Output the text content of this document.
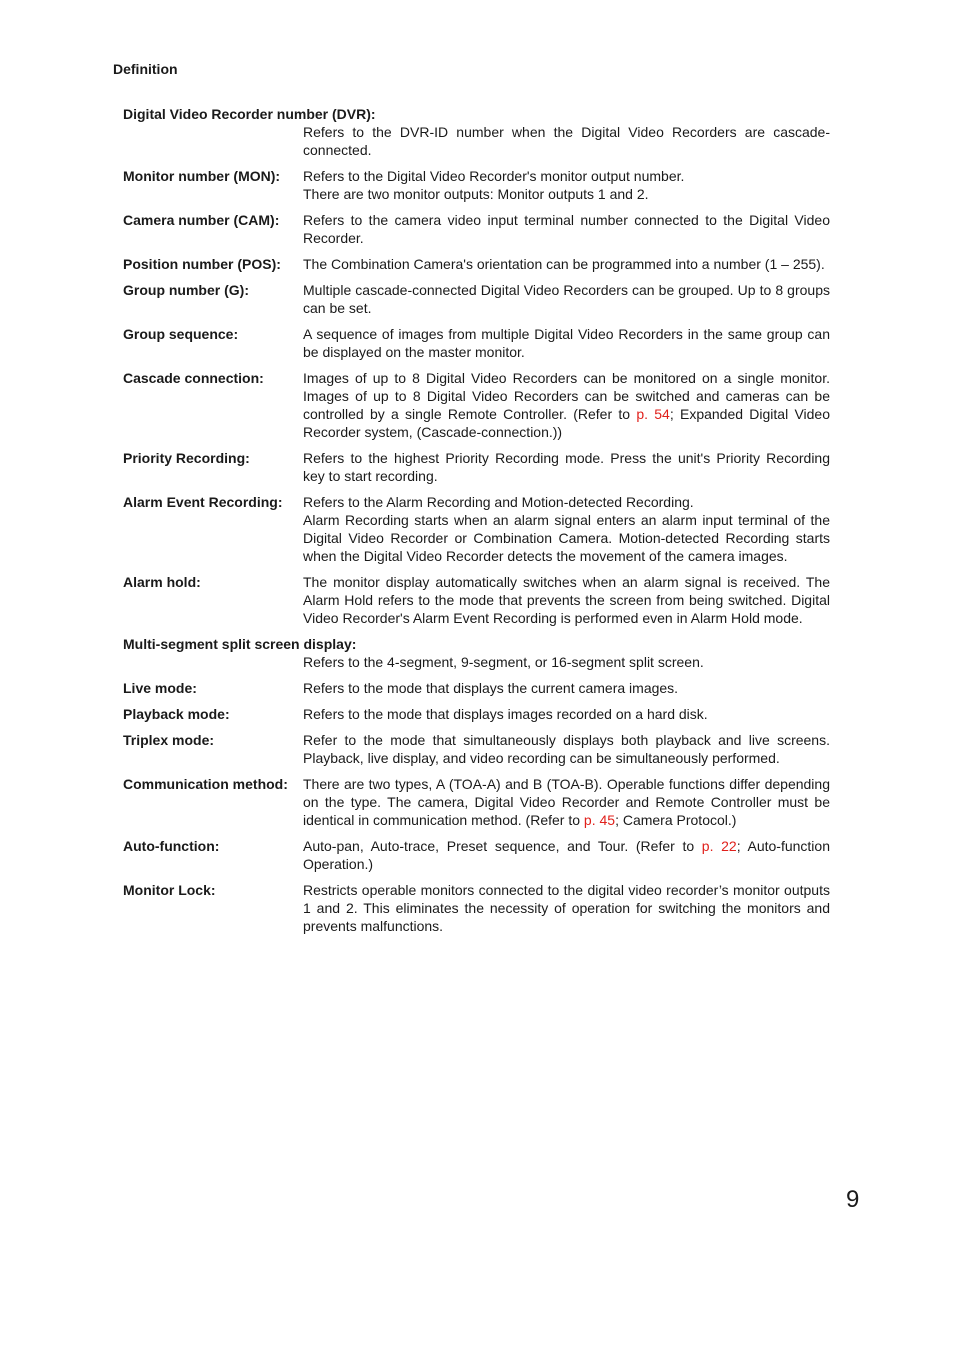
Definition
Digital Video Recorder number (DVR):

Refers to the DVR-ID number when the Digital Video Recorders are cascade-connected.

Monitor number (MON):	Refers to the Digital Video Recorder's monitor output number.

There are two monitor outputs: Monitor outputs 1 and 2.

Camera number (CAM):	Refers to the camera video input terminal number connected to the Digital Video Recorder.

Position number (POS):	The Combination Camera's orientation can be programmed into a number (1 – 255).

Group number (G):	Multiple cascade-connected Digital Video Recorders can be grouped. Up to 8 groups can be set.

Group sequence:	A sequence of images from multiple Digital Video Recorders in the same group can be displayed on the master monitor.

Cascade connection:	Images of up to 8 Digital Video Recorders can be monitored on a single monitor. Images of up to 8 Digital Video Recorders can be switched and cameras can be controlled by a single Remote Controller. (Refer to p. 54; Expanded Digital Video Recorder system, (Cascade-connection.))

Priority Recording:	Refers to the highest Priority Recording mode. Press the unit's Priority Recording key to start recording.

Alarm Event Recording:	Refers to the Alarm Recording and Motion-detected Recording.

Alarm Recording starts when an alarm signal enters an alarm input terminal of the Digital Video Recorder or Combination Camera. Motion-detected Recording starts when the Digital Video Recorder detects the movement of the camera images.

Alarm hold:	The monitor display automatically switches when an alarm signal is received. The Alarm Hold refers to the mode that prevents the screen from being switched. Digital Video Recorder's Alarm Event Recording is performed even in Alarm Hold mode.

Multi-segment split screen display:

Refers to the 4-segment, 9-segment, or 16-segment split screen.

Live mode:	Refers to the mode that displays the current camera images.

Playback mode:	Refers to the mode that displays images recorded on a hard disk.

Triplex mode:	Refer to the mode that simultaneously displays both playback and live screens. Playback, live display, and video recording can be simultaneously performed.

Communication method:	There are two types, A (TOA-A) and B (TOA-B). Operable functions differ depending on the type. The camera, Digital Video Recorder and Remote Controller must be identical in communication method. (Refer to p. 45; Camera Protocol.)

Auto-function:	Auto-pan, Auto-trace, Preset sequence, and Tour. (Refer to p. 22; Auto-function Operation.)

Monitor Lock:	Restricts operable monitors connected to the digital video recorder’s monitor outputs 1 and 2. This eliminates the necessity of operation for switching the monitors and prevents malfunctions.

9
